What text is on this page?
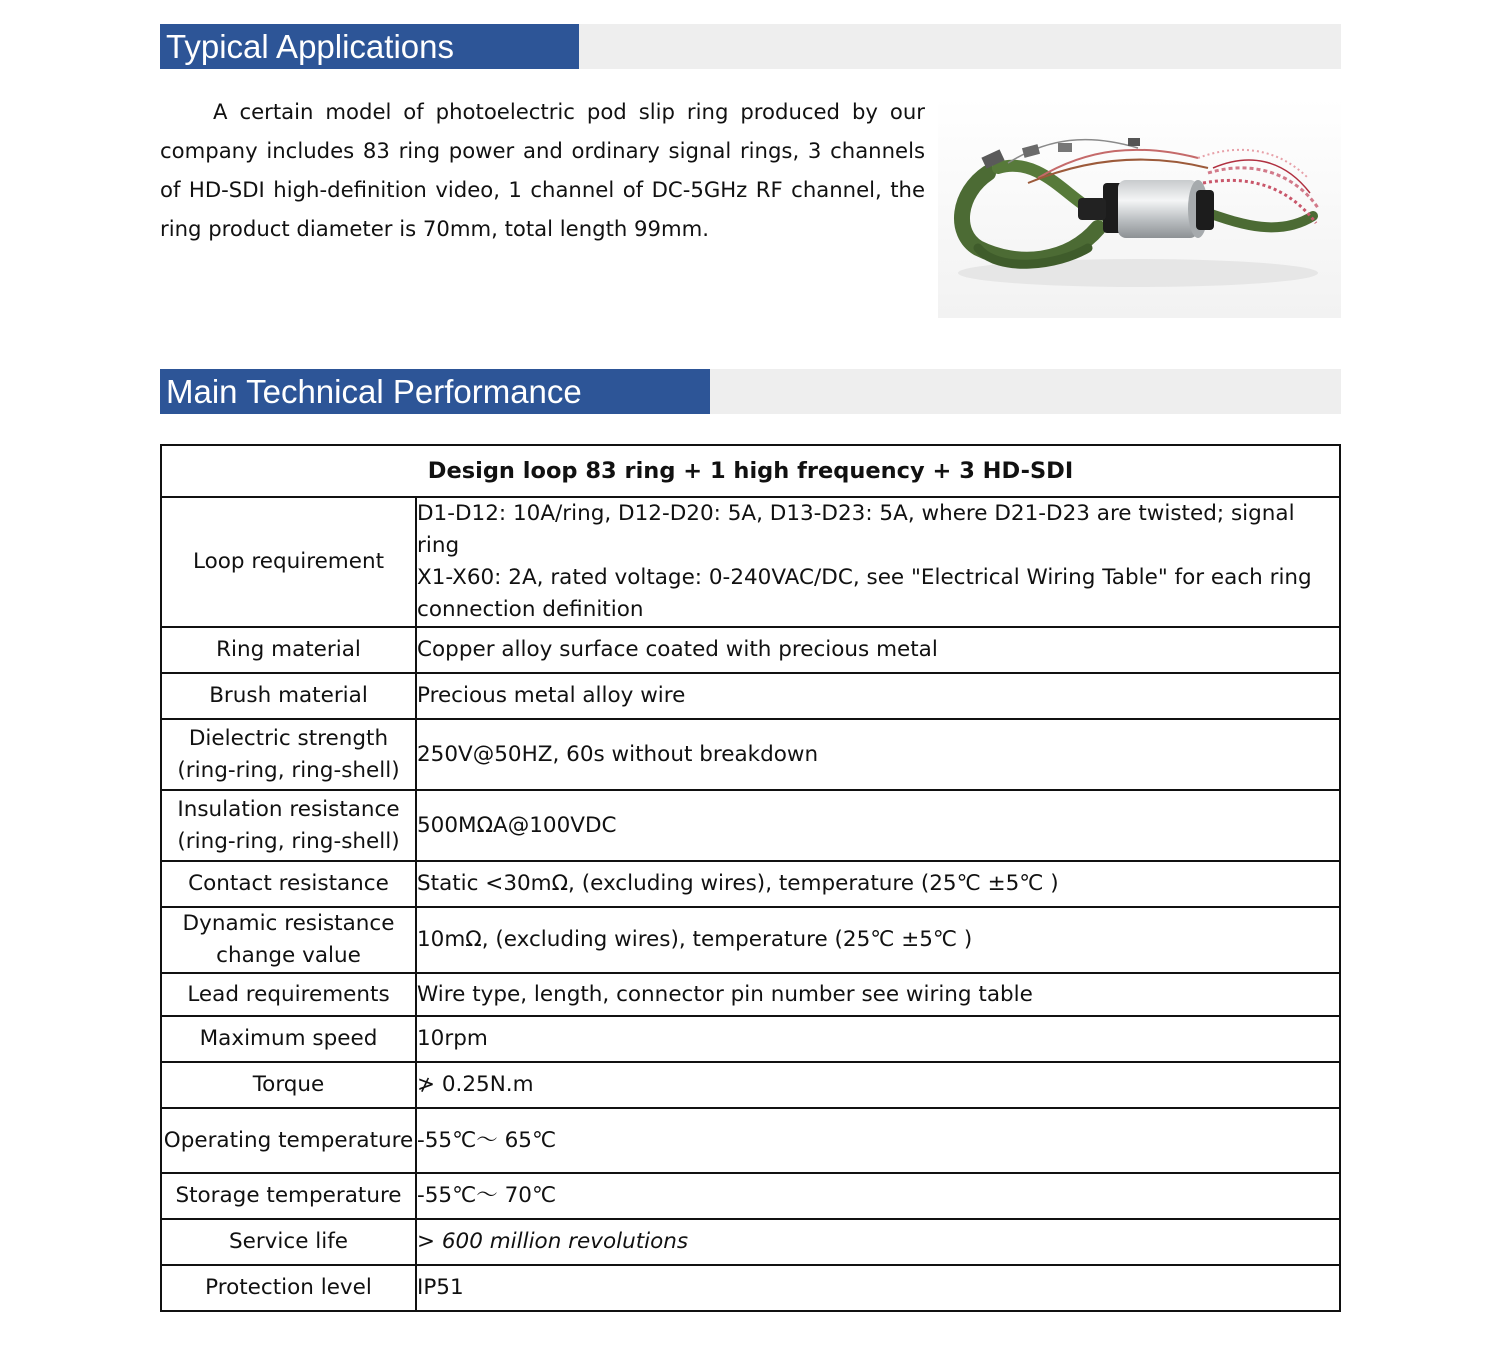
Typical Applications

A certain model of photoelectric pod slip ring produced by our company includes 83 ring power and ordinary signal rings, 3 channels of HD-SDI high-definition video, 1 channel of DC-5GHz RF channel, the ring product diameter is 70mm, total length 99mm.

Main Technical Performance
Design loop 83 ring + 1 high frequency + 3 HD-SDI	
Loop requirement	D1-D12: 10A/ring, D12-D20: 5A, D13-D23: 5A, where D21-D23 are twisted; signal ring
X1-X60: 2A, rated voltage: 0-240VAC/DC, see "Electrical Wiring Table" for each ring connection definition

Ring material	Copper alloy surface coated with precious metal
Brush material	Precious metal alloy wire
Dielectric strength (ring-ring, ring-shell)	250V@50HZ, 60s without breakdown
Insulation resistance (ring-ring, ring-shell)	500MΩA@100VDC
Contact resistance	Static <30mΩ, (excluding wires), temperature (25℃ ±5℃ )
Dynamic resistance change value	10mΩ, (excluding wires), temperature (25℃ ±5℃ )
Lead requirements	Wire type, length, connector pin number see wiring table
Maximum speed	10rpm
Torque	≯ 0.25N.m
Operating temperature	-55℃～ 65℃
Storage temperature	-55℃～ 70℃
Service life	> 600 million revolutions
Protection level	IP51
